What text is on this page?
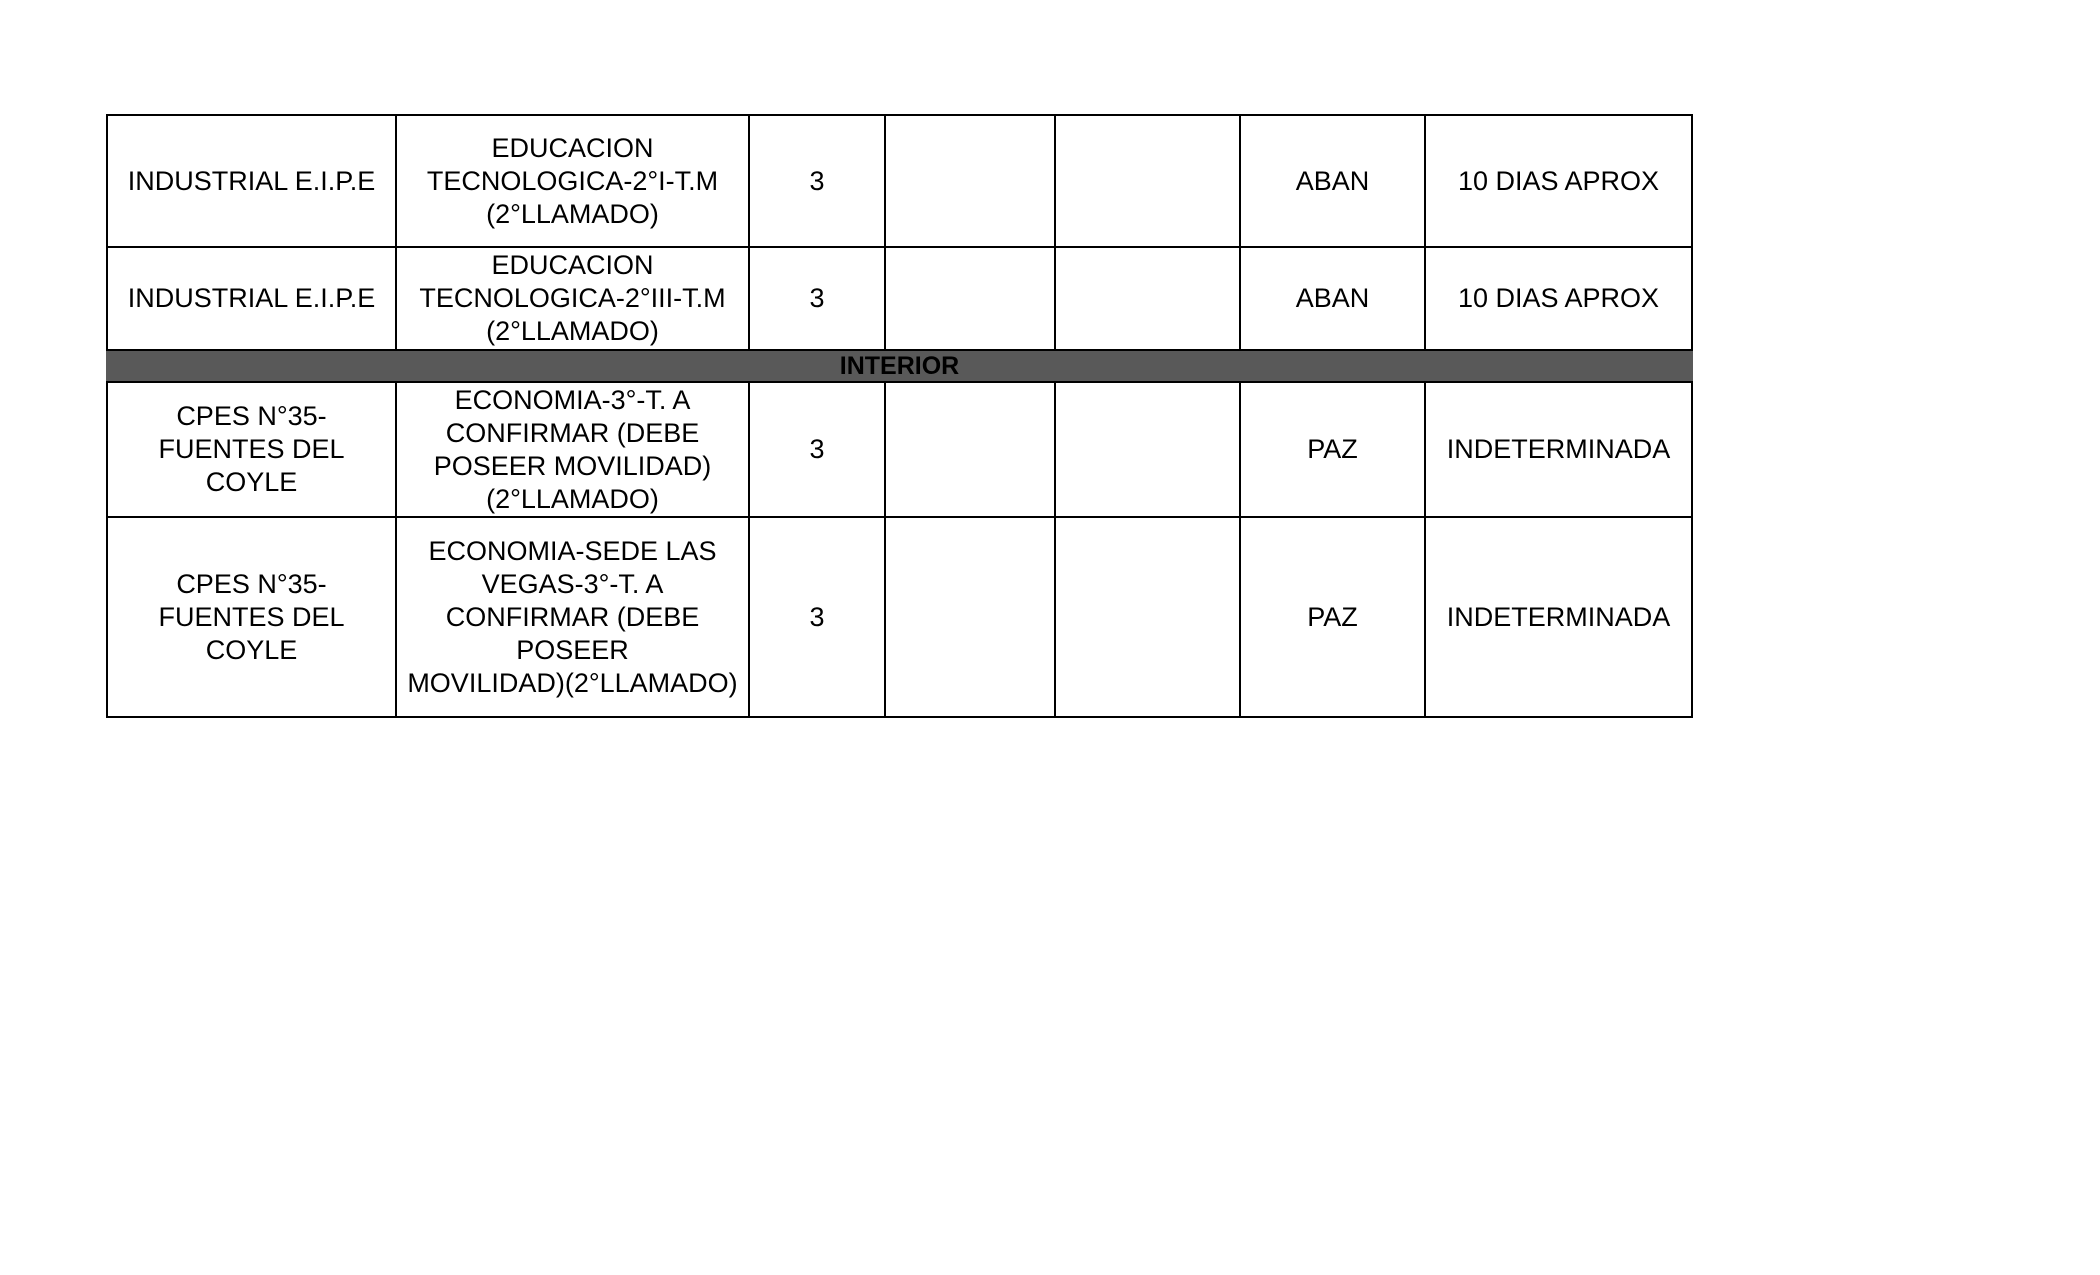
INDUSTRIAL E.I.P.E	EDUCACION
TECNOLOGICA-2°I-T.M
(2°LLAMADO)	3			ABAN	10 DIAS APROX
INDUSTRIAL E.I.P.E	EDUCACION
TECNOLOGICA-2°III-T.M
(2°LLAMADO)	3			ABAN	10 DIAS APROX
INTERIOR						
CPES N°35-
FUENTES DEL
COYLE	ECONOMIA-3°-T. A
CONFIRMAR (DEBE
POSEER MOVILIDAD)
(2°LLAMADO)	3			PAZ	INDETERMINADA
CPES N°35-
FUENTES DEL
COYLE	ECONOMIA-SEDE LAS
VEGAS-3°-T. A
CONFIRMAR (DEBE
POSEER
MOVILIDAD)(2°LLAMADO)	3			PAZ	INDETERMINADA
